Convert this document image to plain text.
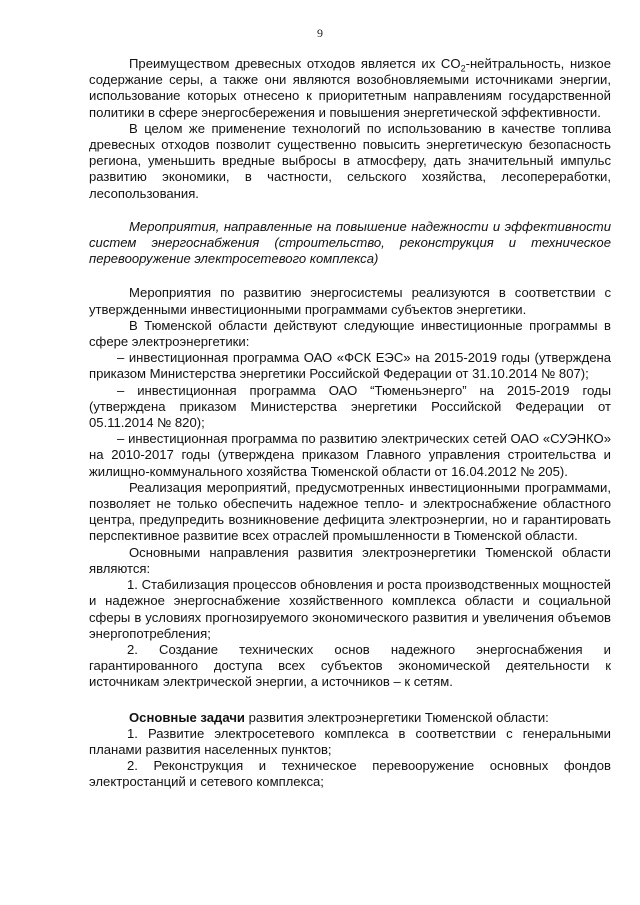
9

Преимуществом древесных отходов является их $CO_2$-нейтральность, низкое содержание серы, а также они являются возобновляемыми источниками энергии, использование которых отнесено к приоритетным направлениям государственной политики в сфере энергосбережения и повышения энергетической эффективности.

В целом же применение технологий по использованию в качестве топлива древесных отходов позволит существенно повысить энергетическую безопасность региона, уменьшить вредные выбросы в атмосферу, дать значительный импульс развитию экономики, в частности, сельского хозяйства, лесопереработки, лесопользования.

Мероприятия, направленные на повышение надежности и эффективности систем энергоснабжения (строительство, реконструкция и техническое перевооружение электросетевого комплекса)

Мероприятия по развитию энергосистемы реализуются в соответствии с утвержденными инвестиционными программами субъектов энергетики.

В Тюменской области действуют следующие инвестиционные программы в сфере электроэнергетики:

– инвестиционная программа ОАО «ФСК ЕЭС» на 2015-2019 годы (утверждена приказом Министерства энергетики Российской Федерации от 31.10.2014 № 807);

– инвестиционная программа ОАО “Тюменьэнерго” на 2015-2019 годы (утверждена приказом Министерства энергетики Российской Федерации от 05.11.2014 № 820);

– инвестиционная программа по развитию электрических сетей ОАО «СУЭНКО» на 2010-2017 годы (утверждена приказом Главного управления строительства и жилищно-коммунального хозяйства Тюменской области от 16.04.2012 № 205).

Реализация мероприятий, предусмотренных инвестиционными программами, позволяет не только обеспечить надежное тепло- и электроснабжение областного центра, предупредить возникновение дефицита электроэнергии, но и гарантировать перспективное развитие всех отраслей промышленности в Тюменской области.

Основными направления развития электроэнергетики Тюменской области являются:

1. Стабилизация процессов обновления и роста производственных мощностей и надежное энергоснабжение хозяйственного комплекса области и социальной сферы в условиях прогнозируемого экономического развития и увеличения объемов энергопотребления;

2. Создание технических основ надежного энергоснабжения и гарантированного доступа всех субъектов экономической деятельности к источникам электрической энергии, а источников – к сетям.

Основные задачи развития электроэнергетики Тюменской области:

1. Развитие электросетевого комплекса в соответствии с генеральными планами развития населенных пунктов;

2. Реконструкция и техническое перевооружение основных фондов электростанций и сетевого комплекса;
